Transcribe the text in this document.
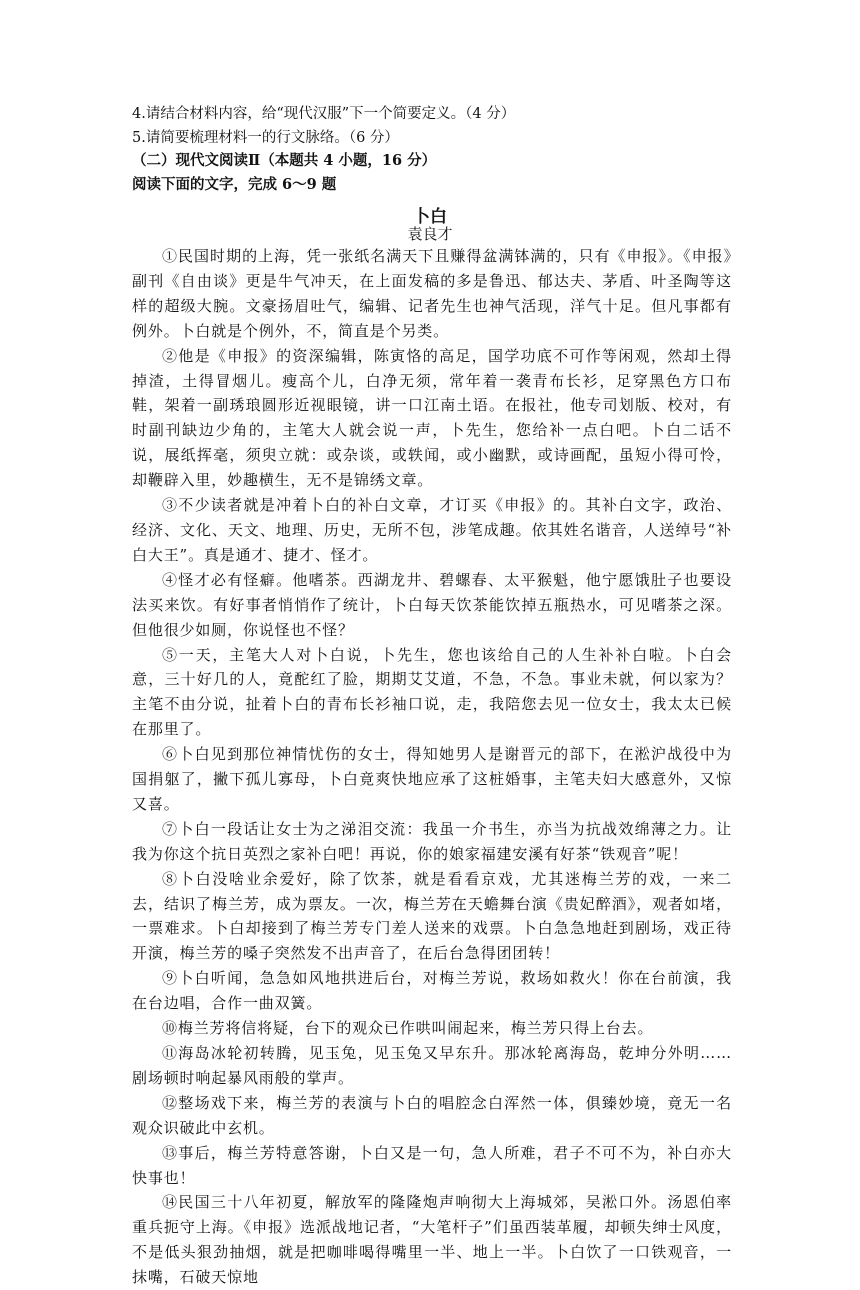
4.请结合材料内容，给“现代汉服”下一个简要定义。（4 分）
5.请简要梳理材料一的行文脉络。（6 分）
（二）现代文阅读Ⅱ（本题共 4 小题，16 分）
阅读下面的文字，完成 6～9 题
卜白
袁良才

①民国时期的上海，凭一张纸名满天下且赚得盆满钵满的，只有《申报》。《申报》副刊《自由谈》更是牛气冲天，在上面发稿的多是鲁迅、郁达夫、茅盾、叶圣陶等这样的超级大腕。文豪扬眉吐气，编辑、记者先生也神气活现，洋气十足。但凡事都有例外。卜白就是个例外，不，简直是个另类。

②他是《申报》的资深编辑，陈寅恪的高足，国学功底不可作等闲观，然却土得掉渣，土得冒烟儿。瘦高个儿，白净无须，常年着一袭青布长衫，足穿黑色方口布鞋，架着一副琇琅圆形近视眼镜，讲一口江南土语。在报社，他专司划版、校对，有时副刊缺边少角的，主笔大人就会说一声，卜先生，您给补一点白吧。卜白二话不说，展纸挥毫，须臾立就：或杂谈，或轶闻，或小幽默，或诗画配，虽短小得可怜，却鞭辟入里，妙趣横生，无不是锦绣文章。

③不少读者就是冲着卜白的补白文章，才订买《申报》的。其补白文字，政治、经济、文化、天文、地理、历史，无所不包，涉笔成趣。依其姓名谐音，人送绰号“补白大王”。真是通才、捷才、怪才。

④怪才必有怪癖。他嗜茶。西湖龙井、碧螺春、太平猴魁，他宁愿饿肚子也要设法买来饮。有好事者悄悄作了统计，卜白每天饮茶能饮掉五瓶热水，可见嗜茶之深。但他很少如厕，你说怪也不怪？

⑤一天，主笔大人对卜白说，卜先生，您也该给自己的人生补补白啦。卜白会意，三十好几的人，竟酡红了脸，期期艾艾道，不急，不急。事业未就，何以家为？主笔不由分说，扯着卜白的青布长衫袖口说，走，我陪您去见一位女士，我太太已候在那里了。

⑥卜白见到那位神情忧伤的女士，得知她男人是谢晋元的部下，在淞沪战役中为国捐躯了，撇下孤儿寡母，卜白竟爽快地应承了这桩婚事，主笔夫妇大感意外，又惊又喜。

⑦卜白一段话让女士为之涕泪交流：我虽一介书生，亦当为抗战效绵薄之力。让我为你这个抗日英烈之家补白吧！再说，你的娘家福建安溪有好茶“铁观音”呢！

⑧卜白没啥业余爱好，除了饮茶，就是看看京戏，尤其迷梅兰芳的戏，一来二去，结识了梅兰芳，成为票友。一次，梅兰芳在天蟾舞台演《贵妃醉酒》，观者如堵，一票难求。卜白却接到了梅兰芳专门差人送来的戏票。卜白急急地赶到剧场，戏正待开演，梅兰芳的嗓子突然发不出声音了，在后台急得团团转！

⑨卜白听闻，急急如风地拱进后台，对梅兰芳说，救场如救火！你在台前演，我在台边唱，合作一曲双簧。

⑩梅兰芳将信将疑，台下的观众已作哄叫闹起来，梅兰芳只得上台去。

⑪海岛冰轮初转腾，见玉兔，见玉兔又早东升。那冰轮离海岛，乾坤分外明……剧场顿时响起暴风雨般的掌声。

⑫整场戏下来，梅兰芳的表演与卜白的唱腔念白浑然一体，俱臻妙境，竟无一名观众识破此中玄机。

⑬事后，梅兰芳特意答谢，卜白又是一句，急人所难，君子不可不为，补白亦大快事也！

⑭民国三十八年初夏，解放军的隆隆炮声响彻大上海城郊，吴淞口外。汤恩伯率重兵扼守上海。《申报》选派战地记者，“大笔杆子”们虽西装革履，却顿失绅士风度，不是低头狠劲抽烟，就是把咖啡喝得嘴里一半、地上一半。卜白饮了一口铁观音，一抹嘴，石破天惊地
